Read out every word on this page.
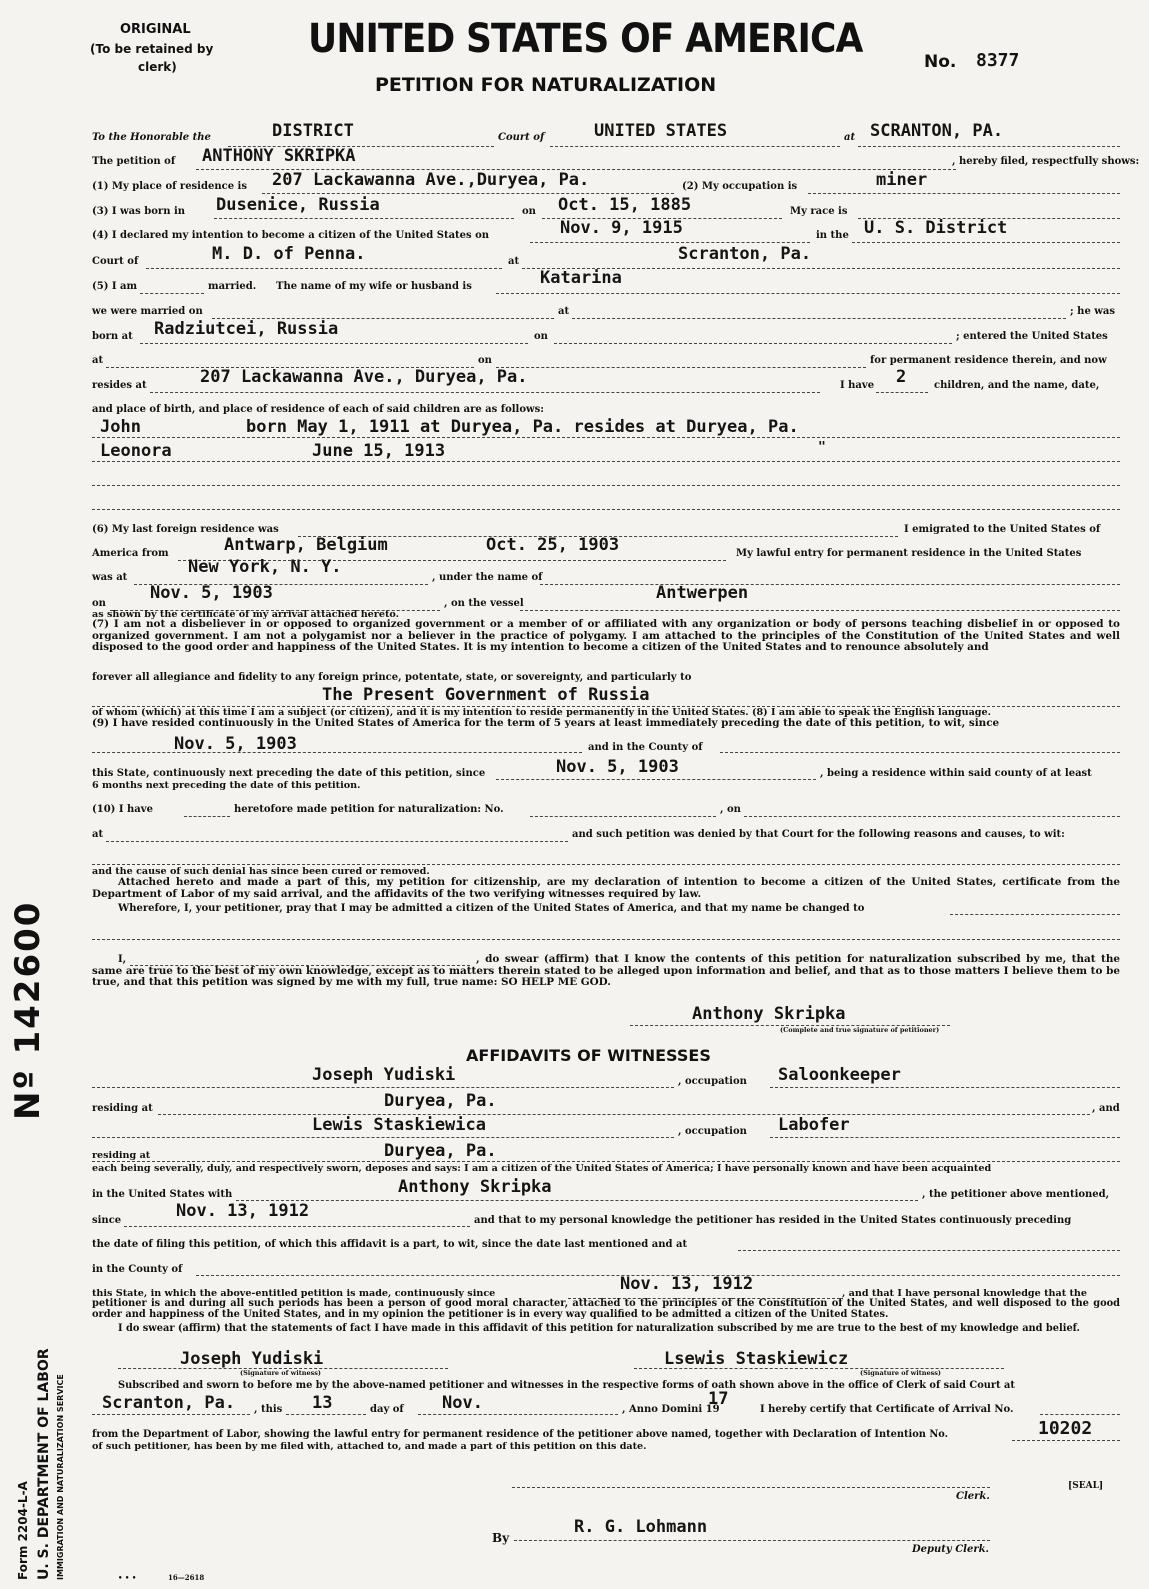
ORIGINAL
(To be retained by
clerk)
UNITED STATES OF AMERICA
PETITION FOR NATURALIZATION
No. 8377
Nº 142600
Form 2204-L-A U. S. DEPARTMENT OF LABOR IMMIGRATION AND NATURALIZATION SERVICE
To the Honorable the	DISTRICT	Court of	UNITED STATES	at SCRANTON, PA.
The petition of ANTHONY SKRIPKA	, hereby filed, respectfully shows:
(1) My place of residence is 207 Lackawanna Ave.,Duryea, Pa.	(2) My occupation is	miner
(3) I was born in Dusenice, Russia	on Oct. 15, 1885	My race is
(4) I declared my intention to become a citizen of the United States on	Nov. 9, 1915	in the U. S. District
Court of	M. D. of Penna.	at	Scranton, Pa.
(5) I am	married. The name of my wife or husband is	Katarina
we were married on	at	; he was
born at Radziutcei, Russia	on	; entered the United States
at	on	for permanent residence therein, and now
resides at	207 Lackawanna Ave., Duryea, Pa.	I have 2	children, and the name, date,
and place of birth, and place of residence of each of said children are as follows:
John	born May 1, 1911 at Duryea, Pa. resides at Duryea, Pa.
Leonora	June 15, 1913	"
(6) My last foreign residence was	I emigrated to the United States of
America from	Antwarp, Belgium	Oct. 25, 1903	My lawful entry for permanent residence in the United States
was at
New York, N. Y.
, under the name of
on
Nov. 5, 1903
, on the vessel
Antwerpen
as shown by the certificate of my arrival attached hereto.
(7) I am not a disbeliever in or opposed to organized government or a member of or affiliated with any organization or body of persons teaching disbelief in or opposed to organized government. I am not a polygamist nor a believer in the practice of polygamy. I am attached to the principles of the Constitution of the United States and well disposed to the good order and happiness of the United States. It is my intention to become a citizen of the United States and to renounce absolutely and
forever all allegiance and fidelity to any foreign prince, potentate, state, or sovereignty, and particularly to
The Present Government of Russia
of whom (which) at this time I am a subject (or citizen), and it is my intention to reside permanently in the United States. (8) I am able to speak the English language.
(9) I have resided continuously in the United States of America for the term of 5 years at least immediately preceding the date of this petition, to wit, since
Nov. 5, 1903	and in the County of
this State, continuously next preceding the date of this petition, since	Nov. 5, 1903	, being a residence within said county of at least
6 months next preceding the date of this petition.
(10) I have	heretofore made petition for naturalization: No.	, on
at	and such petition was denied by that Court for the following reasons and causes, to wit:
and the cause of such denial has since been cured or removed.
Attached hereto and made a part of this, my petition for citizenship, are my declaration of intention to become a citizen of the United States, certificate from the Department of Labor of my said arrival, and the affidavits of the two verifying witnesses required by law.
Wherefore, I, your petitioner, pray that I may be admitted a citizen of the United States of America, and that my name be changed to
I,	, do swear (affirm) that I know the contents of this petition for naturalization subscribed by me, that the same are true to the best of my own knowledge, except as to matters therein stated to be alleged upon information and belief, and that as to those matters I believe them to be true, and that this petition was signed by me with my full, true name: SO HELP ME GOD.
Anthony Skripka
(Complete and true signature of petitioner)
AFFIDAVITS OF WITNESSES
Joseph Yudiski	, occupation Saloonkeeper
residing at	Duryea, Pa.	, and
Lewis Staskiewica	, occupation Labofer
residing at	Duryea, Pa.
each being severally, duly, and respectively sworn, deposes and says: I am a citizen of the United States of America; I have personally known and have been acquainted
in the United States with	Anthony Skripka	, the petitioner above mentioned,
since	Nov. 13, 1912	and that to my personal knowledge the petitioner has resided in the United States continuously preceding
the date of filing this petition, of which this affidavit is a part, to wit, since the date last mentioned and at
in the County of
this State, in which the above-entitled petition is made, continuously since	Nov. 13, 1912	, and that I have personal knowledge that the
petitioner is and during all such periods has been a person of good moral character, attached to the principles of the Constitution of the United States, and well disposed to the good order and happiness of the United States, and in my opinion the petitioner is in every way qualified to be admitted a citizen of the United States.
I do swear (affirm) that the statements of fact I have made in this affidavit of this petition for naturalization subscribed by me are true to the best of my knowledge and belief.
Joseph Yudiski
(Signature of witness)
Lsewis Staskiewicz
(Signature of witness)
Subscribed and sworn to before me by the above-named petitioner and witnesses in the respective forms of oath shown above in the office of Clerk of said Court at
Scranton, Pa. , this 13	day of Nov.	, Anno Domini 19
17
I hereby certify that Certificate of Arrival No.
from the Department of Labor, showing the lawful entry for permanent residence of the petitioner above named, together with Declaration of Intention No.	10202
of such petitioner, has been by me filed with, attached to, and made a part of this petition on this date.
[SEAL]
Clerk.
By
R. G. Lohmann
Deputy Clerk.
• • •	16—2618
